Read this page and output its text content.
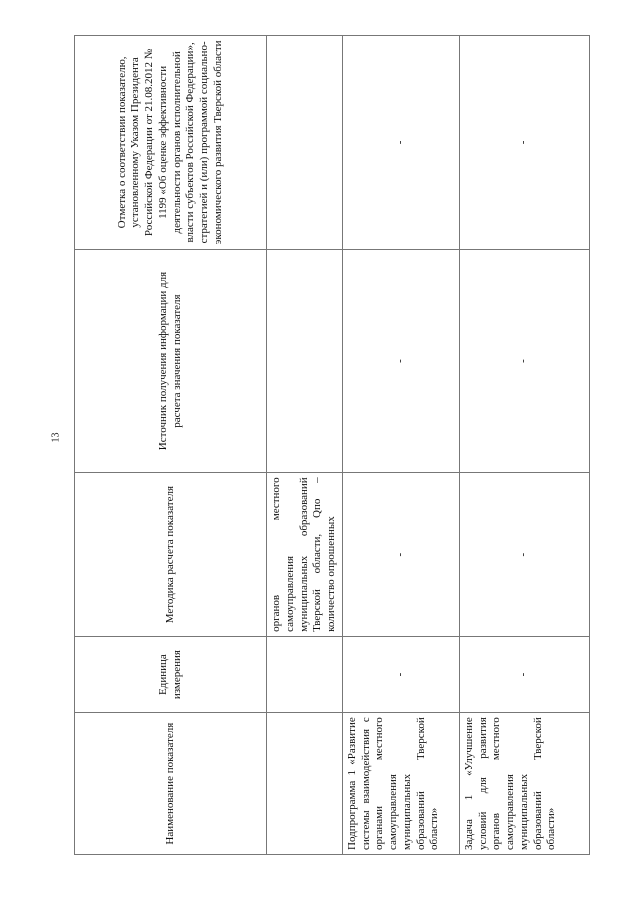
13
Наименование показателя	Единица измерения	Методика расчета показателя	Источник получения информации для расчета значения показателя	Отметка о соответствии показателю, установленному Указом Президента Российской Федерации от 21.08.2012 № 1199 «Об оценке эффективности деятельности органов исполнительной власти субъектов Российской Федерации», стратегией и (или) программой социально-экономического развития Тверской области
		органов местного самоуправления муниципальных образований Тверской области, Qпо – количество опрошенных		
Подпрограмма 1 «Развитие системы взаимодействия с органами местного самоуправления муниципальных образований Тверской области»	-	-	-	-
Задача 1 «Улучшение условий для развития органов местного самоуправления муниципальных образований Тверской области»	-	-	-	-
